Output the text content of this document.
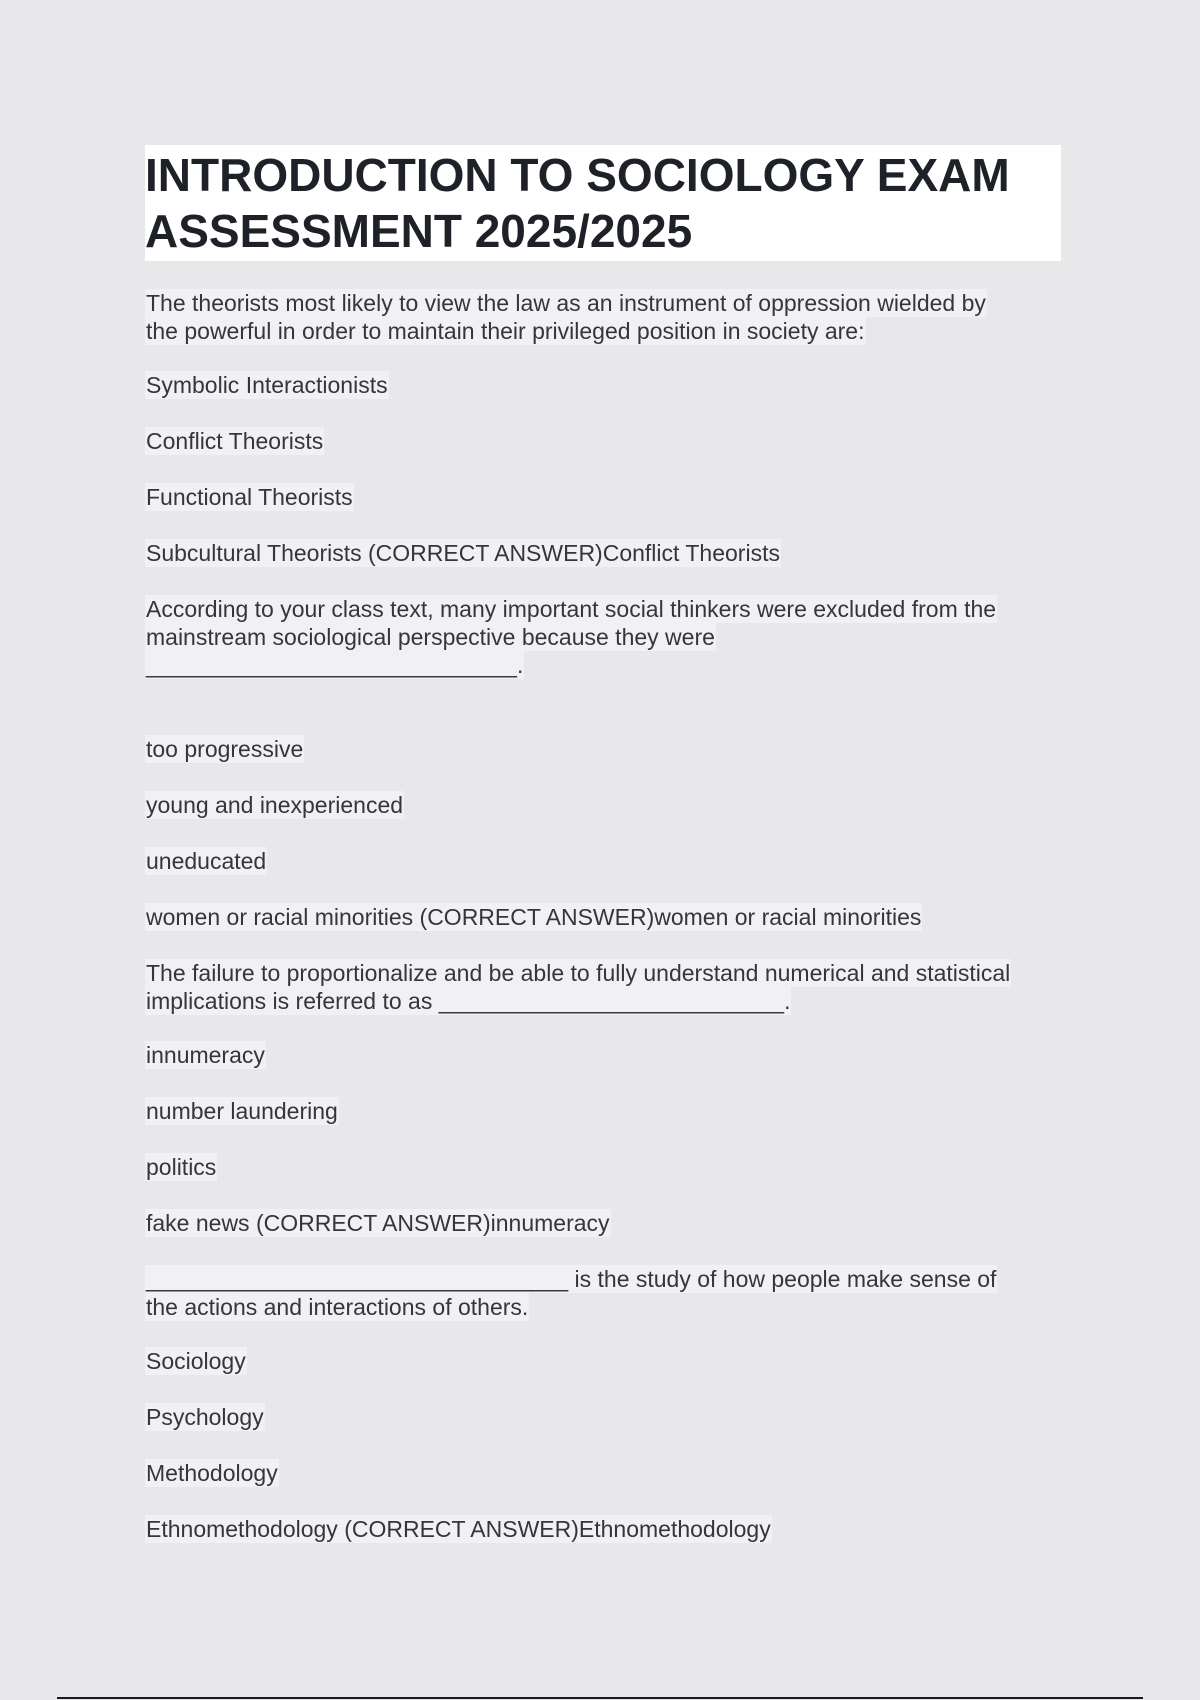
INTRODUCTION TO SOCIOLOGY EXAM
ASSESSMENT 2025/2025
The theorists most likely to view the law as an instrument of oppression wielded by
the powerful in order to maintain their privileged position in society are:
Symbolic Interactionists
Conflict Theorists
Functional Theorists
Subcultural Theorists (CORRECT ANSWER)Conflict Theorists
According to your class text, many important social thinkers were excluded from the
mainstream sociological perspective because they were
_____________________________.
too progressive
young and inexperienced
uneducated
women or racial minorities (CORRECT ANSWER)women or racial minorities
The failure to proportionalize and be able to fully understand numerical and statistical
implications is referred to as ___________________________.
innumeracy
number laundering
politics
fake news (CORRECT ANSWER)innumeracy
_________________________________ is the study of how people make sense of
the actions and interactions of others.
Sociology
Psychology
Methodology
Ethnomethodology (CORRECT ANSWER)Ethnomethodology
